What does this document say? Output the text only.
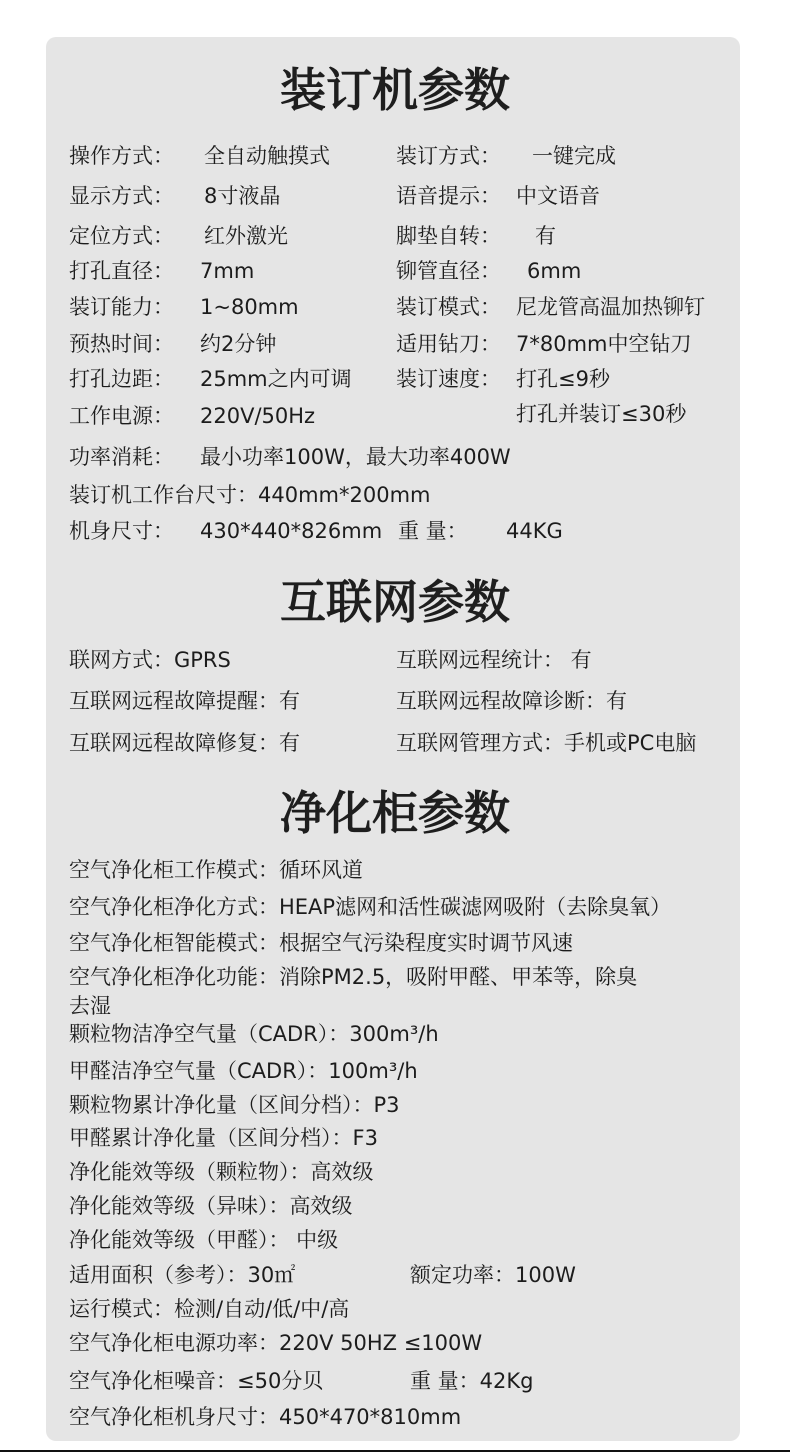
装订机参数
操作方式： 全自动触摸式	装订方式： 一键完成
显示方式： 8寸液晶	语音提示： 中文语音
定位方式： 红外激光	脚垫自转： 有
打孔直径： 7mm	铆管直径： 6mm
装订能力： 1~80mm	装订模式： 尼龙管高温加热铆钉
预热时间： 约2分钟	适用钻刀： 7*80mm中空钻刀
打孔边距： 25mm之内可调 装订速度： 打孔≤9秒
工作电源： 220V/50Hz	打孔并装订≤30秒
功率消耗： 最小功率100W，最大功率400W
装订机工作台尺寸：440mm*200mm
机身尺寸： 430*440*826mm 重 量： 44KG
互联网参数
联网方式：GPRS	互联网远程统计： 有
互联网远程故障提醒：有	互联网远程故障诊断：有
互联网远程故障修复：有	互联网管理方式：手机或PC电脑
净化柜参数
空气净化柜工作模式：循环风道
空气净化柜净化方式：HEAP滤网和活性碳滤网吸附（去除臭氧）
空气净化柜智能模式：根据空气污染程度实时调节风速
空气净化柜净化功能：消除PM2.5，吸附甲醛、甲苯等，除臭
去湿
颗粒物洁净空气量（CADR）：300m³/h
甲醛洁净空气量（CADR）：100m³/h
颗粒物累计净化量（区间分档）：P3
甲醛累计净化量（区间分档）：F3
净化能效等级（颗粒物）：高效级
净化能效等级（异味）：高效级
净化能效等级（甲醛）： 中级
适用面积（参考）：30㎡	额定功率：100W
运行模式：检测/自动/低/中/高
空气净化柜电源功率：220V 50HZ ≤100W
空气净化柜噪音：≤50分贝	重 量：42Kg
空气净化柜机身尺寸：450*470*810mm
